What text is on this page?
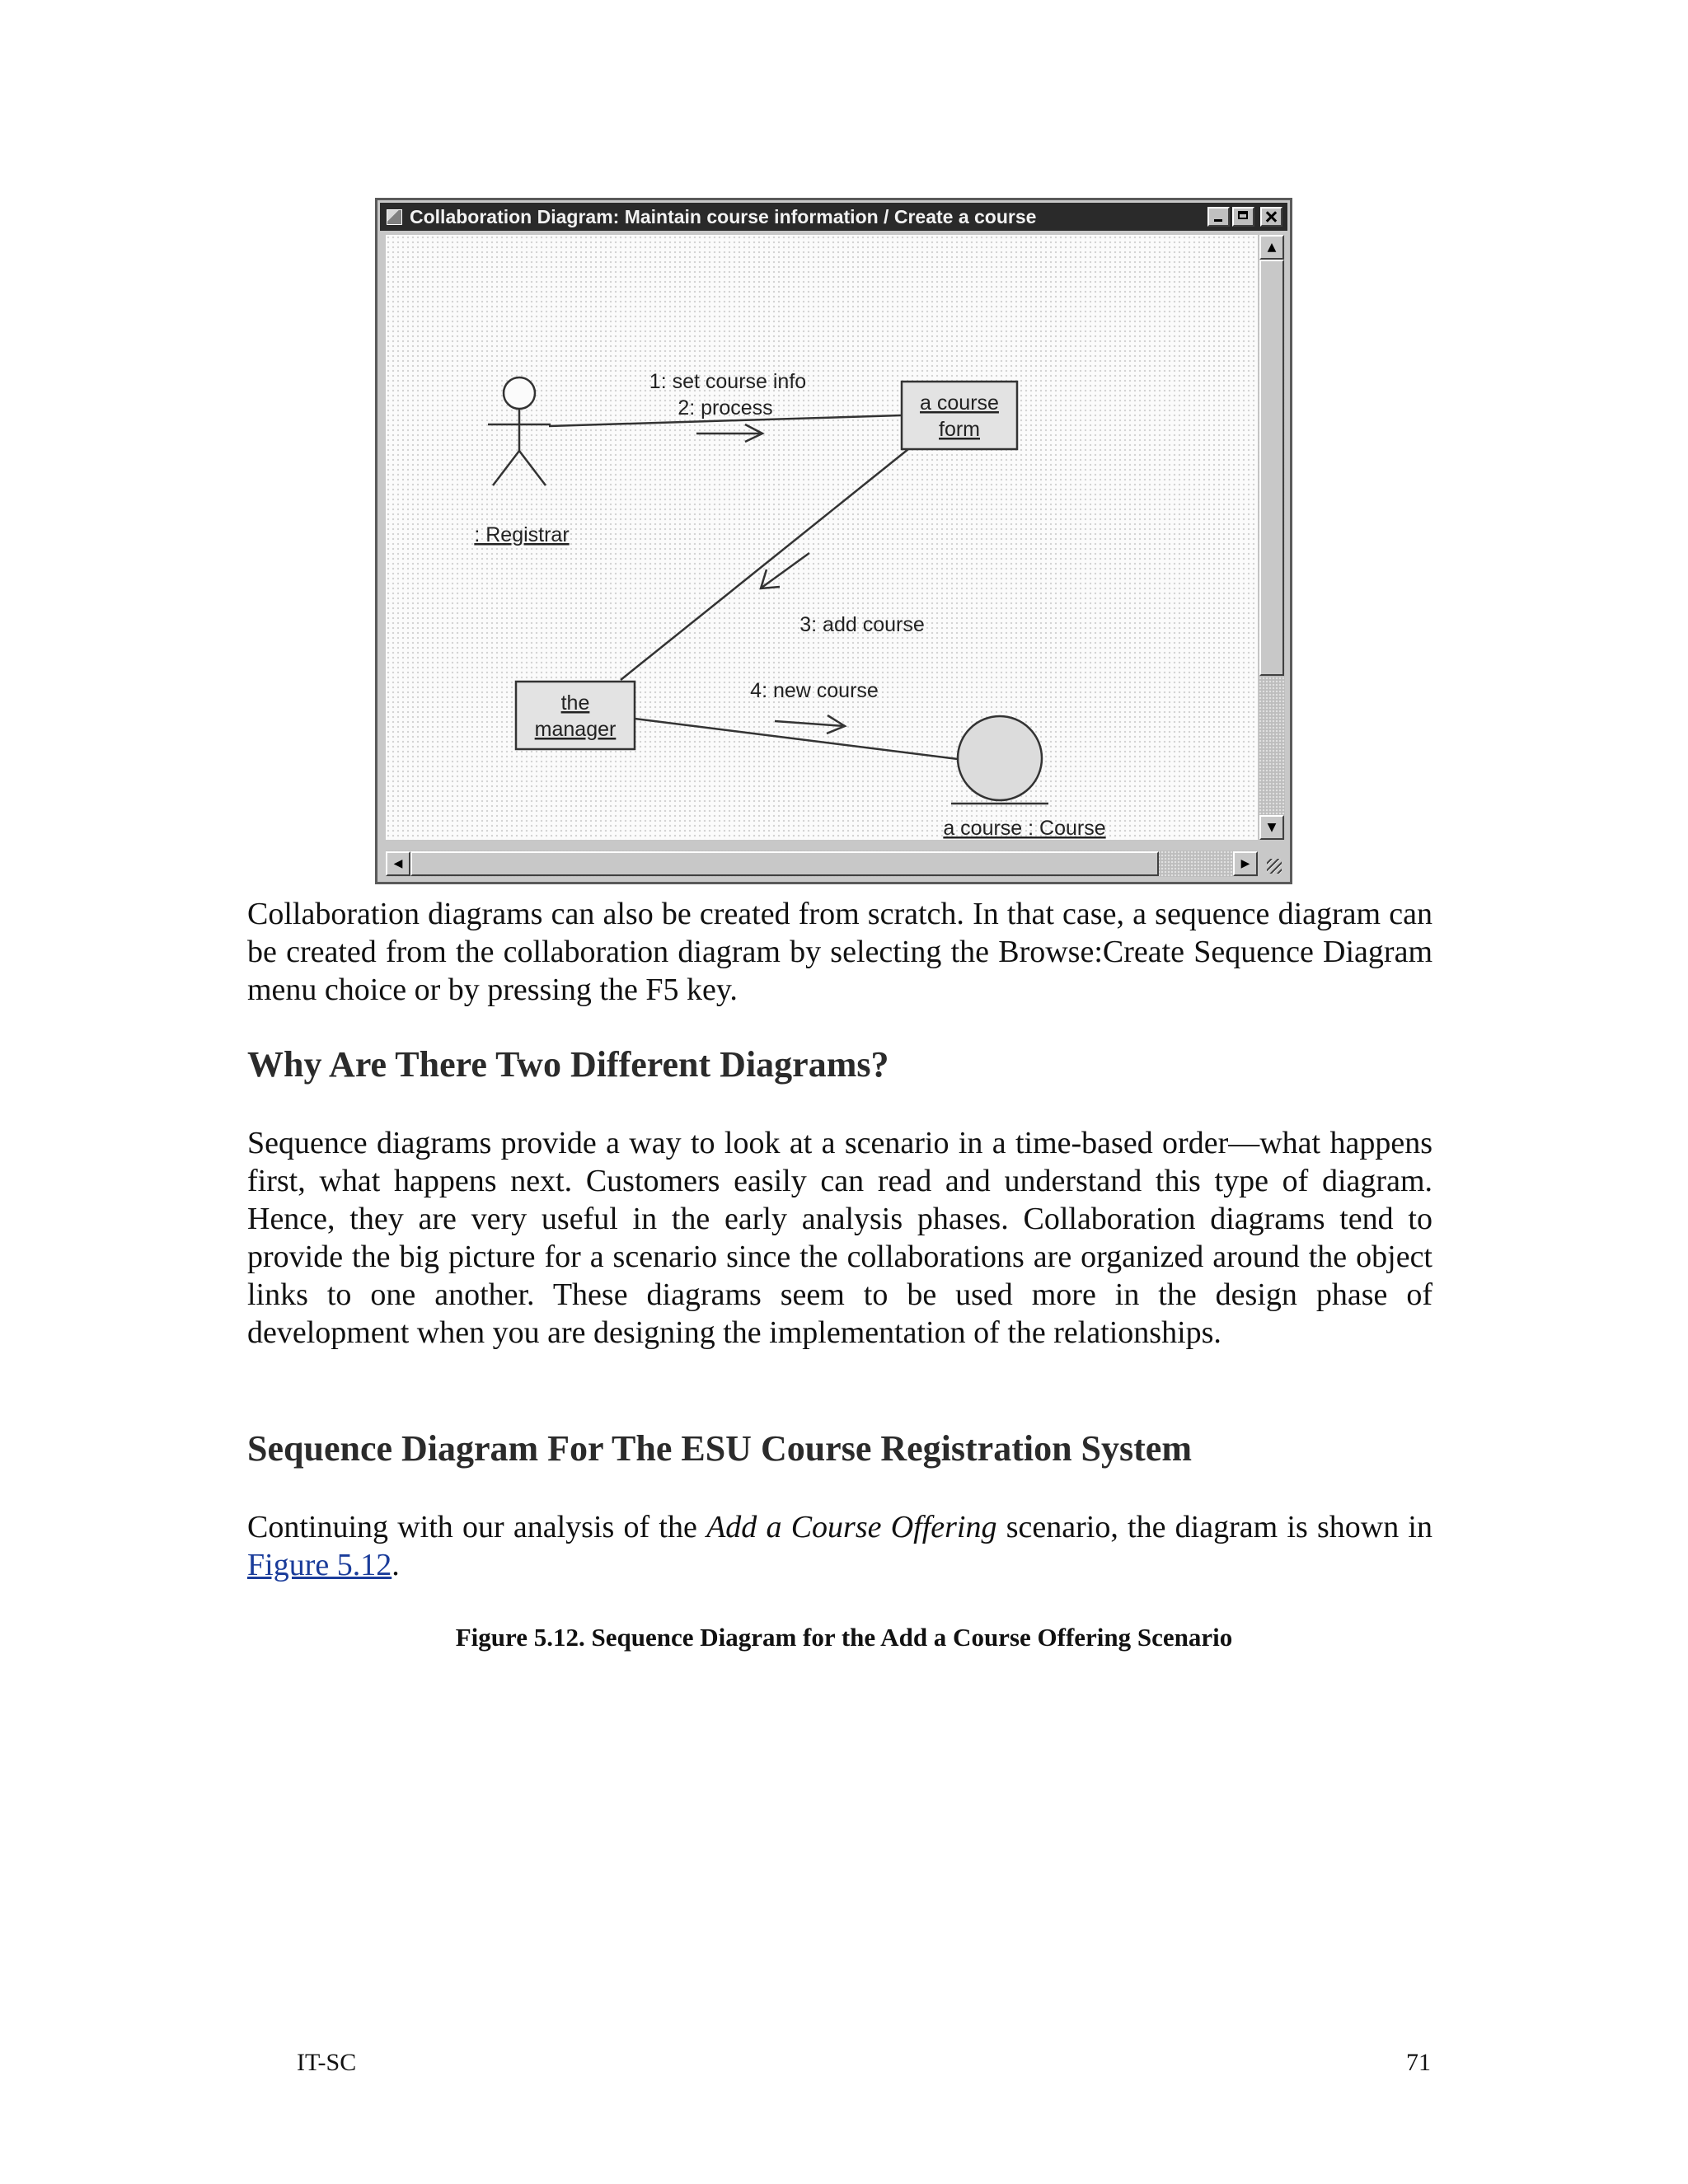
Collaboration Diagram: Maintain course information / Create a course
1: set course info
2: process
: Registrar
a course
form
3: add course
the
manager
4: new course
a course : Course
▲
▼
◀	▶

Collaboration diagrams can also be created from scratch. In that case, a sequence diagram can be created from the collaboration diagram by selecting the Browse:Create Sequence Diagram menu choice or by pressing the F5 key.

Why Are There Two Different Diagrams?

Sequence diagrams provide a way to look at a scenario in a time-based order—what happens first, what happens next. Customers easily can read and understand this type of diagram. Hence, they are very useful in the early analysis phases. Collaboration diagrams tend to provide the big picture for a scenario since the collaborations are organized around the object links to one another. These diagrams seem to be used more in the design phase of development when you are designing the implementation of the relationships.

Sequence Diagram For The ESU Course Registration System

Continuing with our analysis of the Add a Course Offering scenario, the diagram is shown in Figure 5.12.

Figure 5.12. Sequence Diagram for the Add a Course Offering Scenario

IT-SC	71
